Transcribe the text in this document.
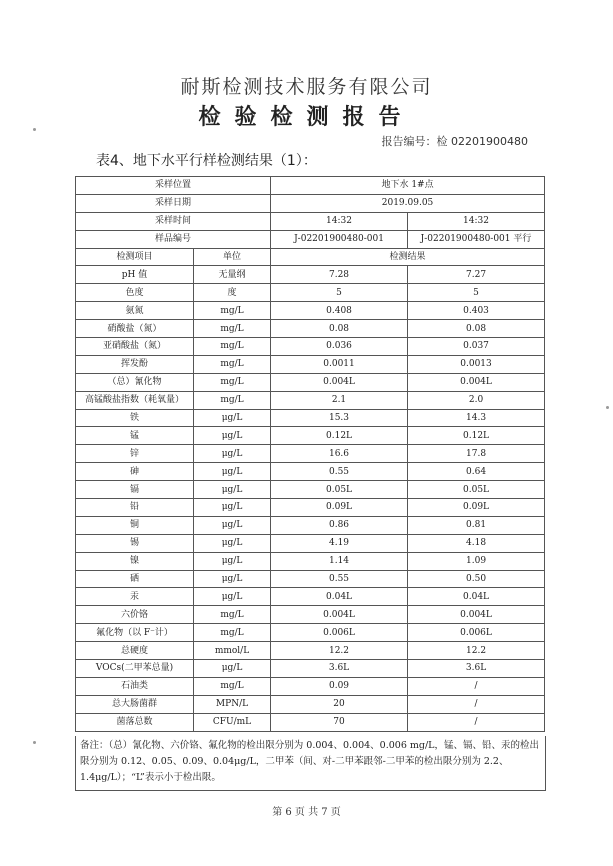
耐斯检测技术服务有限公司
检验检测报告
报告编号：检 02201900480
表4、地下水平行样检测结果（1）：
采样位置		地下水 1#点	
采样日期		2019.09.05	
采样时间		14:32	14:32
样品编号		J-02201900480-001	J-02201900480-001 平行
检测项目	单位	检测结果	
pH 值	无量纲	7.28	7.27
色度	度	5	5
氨氮	mg/L	0.408	0.403
硝酸盐（氮）	mg/L	0.08	0.08
亚硝酸盐（氮）	mg/L	0.036	0.037
挥发酚	mg/L	0.0011	0.0013
（总）氰化物	mg/L	0.004L	0.004L
高锰酸盐指数（耗氧量）	mg/L	2.1	2.0
铁	μg/L	15.3	14.3
锰	μg/L	0.12L	0.12L
锌	μg/L	16.6	17.8
砷	μg/L	0.55	0.64
镉	μg/L	0.05L	0.05L
铅	μg/L	0.09L	0.09L
铜	μg/L	0.86	0.81
锡	μg/L	4.19	4.18
镍	μg/L	1.14	1.09
硒	μg/L	0.55	0.50
汞	μg/L	0.04L	0.04L
六价铬	mg/L	0.004L	0.004L
氟化物（以 F⁻计）	mg/L	0.006L	0.006L
总硬度	mmol/L	12.2	12.2
VOCs(二甲苯总量)	μg/L	3.6L	3.6L
石油类	mg/L	0.09	/
总大肠菌群	MPN/L	20	/
菌落总数	CFU/mL	70	/
备注：（总）氰化物、六价铬、氟化物的检出限分别为 0.004、0.004、0.006 mg/L，锰、镉、铅、汞的检出限分别为 0.12、0.05、0.09、0.04μg/L，二甲苯（间、对-二甲苯跟邻-二甲苯的检出限分别为 2.2、1.4μg/L）；“L”表示小于检出限。
第 6 页 共 7 页
